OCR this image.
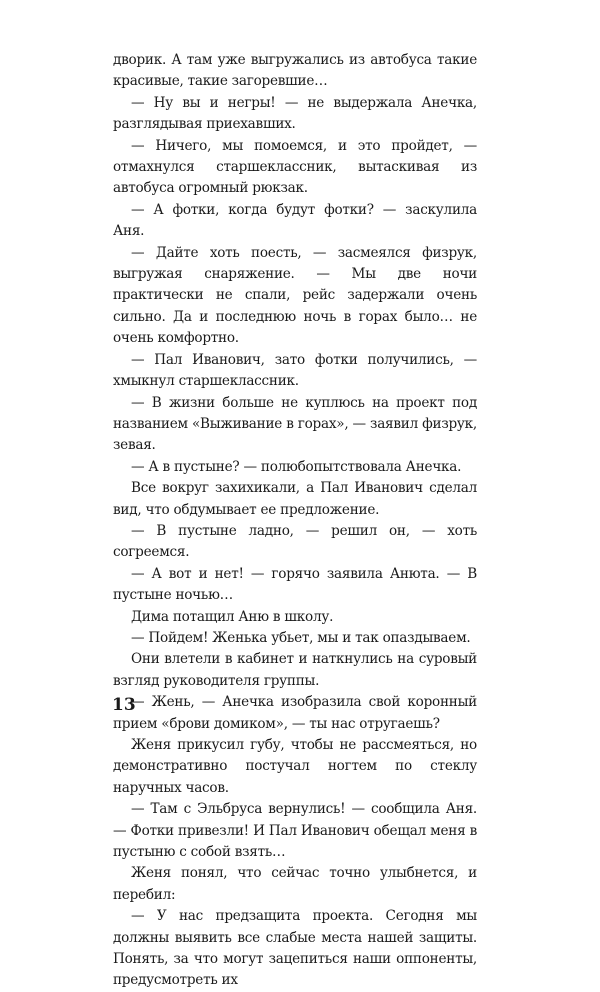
дворик. А там уже выгружались из автобуса такие красивые, такие загоревшие…

— Ну вы и негры! — не выдержала Анечка, разглядывая приехавших.

— Ничего, мы помоемся, и это пройдет, — отмахнулся старшеклассник, вытаскивая из автобуса огромный рюкзак.

— А фотки, когда будут фотки? — заскулила Аня.

— Дайте хоть поесть, — засмеялся физрук, выгружая снаряжение. — Мы две ночи практически не спали, рейс задержали очень сильно. Да и последнюю ночь в горах было… не очень комфортно.

— Пал Иванович, зато фотки получились, — хмыкнул старшеклассник.

— В жизни больше не куплюсь на проект под названием «Выживание в горах», — заявил физрук, зевая.

— А в пустыне? — полюбопытствовала Анечка.

Все вокруг захихикали, а Пал Иванович сделал вид, что обдумывает ее предложение.

— В пустыне ладно, — решил он, — хоть согреемся.

— А вот и нет! — горячо заявила Анюта. — В пустыне ночью…

Дима потащил Аню в школу.

— Пойдем! Женька убьет, мы и так опаздываем.

Они влетели в кабинет и наткнулись на суровый взгляд руководителя группы.

— Жень, — Анечка изобразила свой коронный прием «брови домиком», — ты нас отругаешь?

Женя прикусил губу, чтобы не рассмеяться, но демонстративно постучал ногтем по стеклу наручных часов.

— Там с Эльбруса вернулись! — сообщила Аня. — Фотки привезли! И Пал Иванович обещал меня в пустыню с собой взять…

Женя понял, что сейчас точно улыбнется, и перебил:

— У нас предзащита проекта. Сегодня мы должны выявить все слабые места нашей защиты. Понять, за что могут зацепиться наши оппоненты, предусмотреть их

13
